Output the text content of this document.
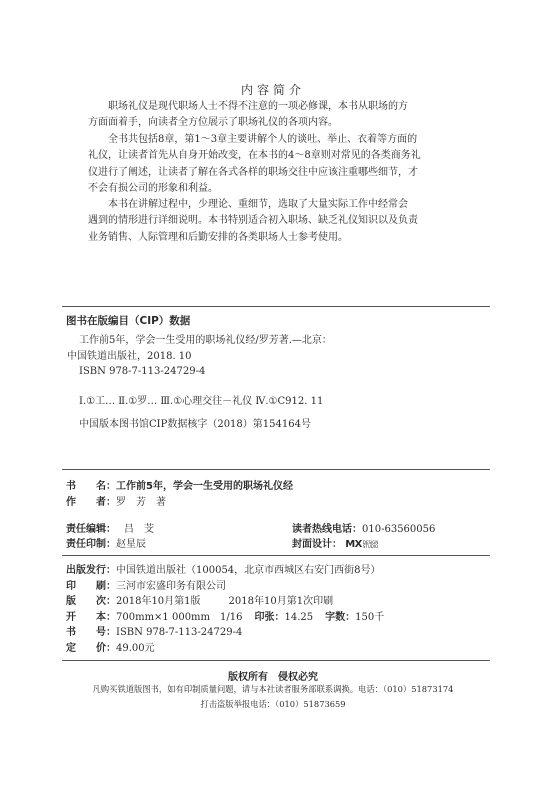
内容简介
职场礼仪是现代职场人士不得不注意的一项必修课，本书从职场的方
方面面着手，向读者全方位展示了职场礼仪的各项内容。
全书共包括8章，第1～3章主要讲解个人的谈吐、举止、衣着等方面的
礼仪，让读者首先从自身开始改变，在本书的4～8章则对常见的各类商务礼
仪进行了阐述，让读者了解在各式各样的职场交往中应该注重哪些细节，才
不会有损公司的形象和利益。
本书在讲解过程中，少理论、重细节，选取了大量实际工作中经常会
遇到的情形进行详细说明。本书特别适合初入职场、缺乏礼仪知识以及负责
业务销售、人际管理和后勤安排的各类职场人士参考使用。
图书在版编目（CIP）数据
工作前5年，学会一生受用的职场礼仪经/罗芳著.—北京：
中国铁道出版社，2018. 10
ISBN 978-7-113-24729-4
Ⅰ.①工… Ⅱ.①罗… Ⅲ.①心理交往－礼仪 Ⅳ.①C912. 11
中国版本图书馆CIP数据核字（2018）第154164号
书　　名：工作前5年，学会一生受用的职场礼仪经
作　　者：罗　芳　著
责任编辑： 吕　芠	读者热线电话：010-63560056
责任印制：赵星辰	封面设计： MX DESIGN
STUDIO
出版发行：中国铁道出版社（100054，北京市西城区右安门西街8号）
印　　刷：三河市宏盛印务有限公司
版　　次：2018年10月第1版	2018年10月第1次印刷
开　　本：700mm×1 000mm　1/16 印张：14.25 字数：150千
书　　号：ISBN 978-7-113-24729-4
定　　价：49.00元
版权所有　侵权必究
凡购买铁道版图书，如有印制质量问题，请与本社读者服务部联系调换。电话：（010）51873174
打击盗版举报电话：（010）51873659
